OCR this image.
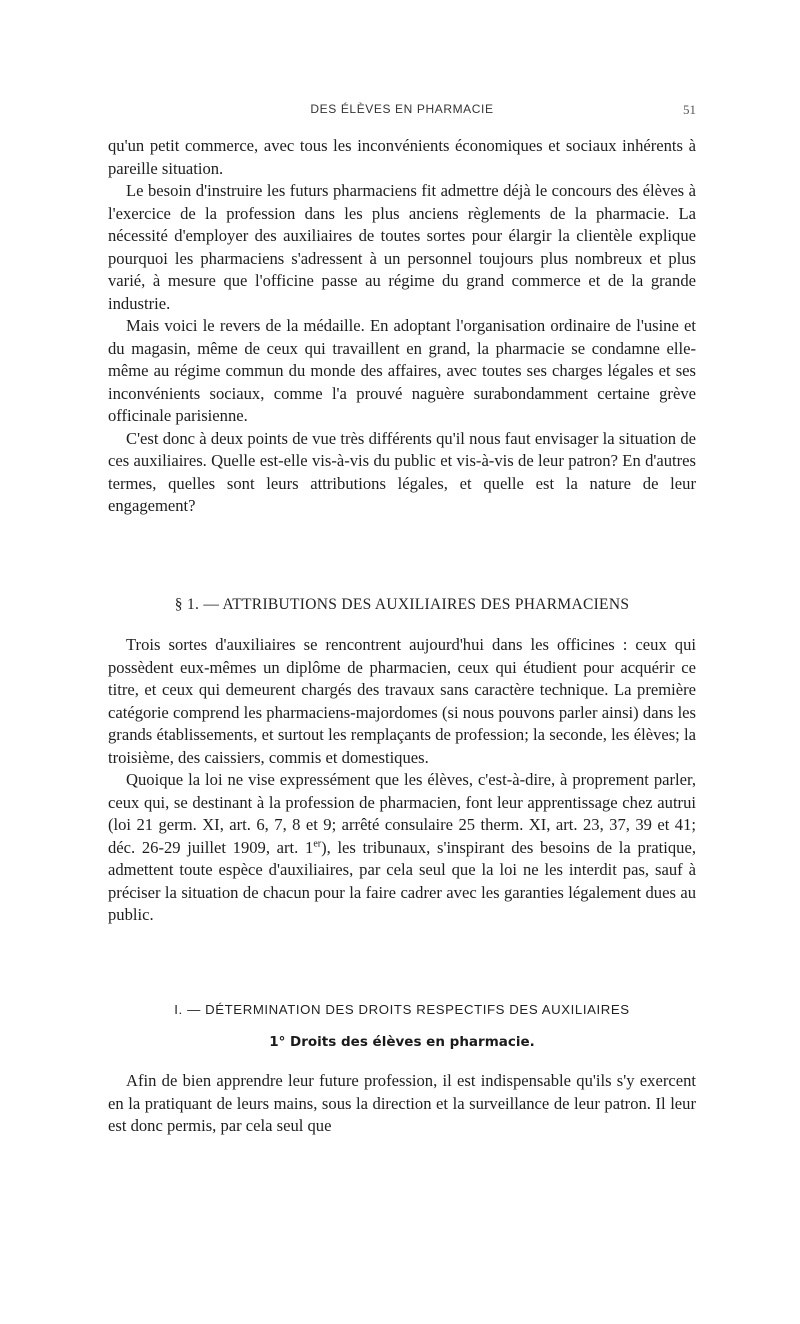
DES ÉLÈVES EN PHARMACIE	51

qu'un petit commerce, avec tous les inconvénients économiques et sociaux inhérents à pareille situation.

Le besoin d'instruire les futurs pharmaciens fit admettre déjà le concours des élèves à l'exercice de la profession dans les plus anciens règlements de la pharmacie. La nécessité d'employer des auxiliaires de toutes sortes pour élargir la clientèle explique pourquoi les pharmaciens s'adressent à un personnel toujours plus nombreux et plus varié, à mesure que l'officine passe au régime du grand commerce et de la grande industrie.

Mais voici le revers de la médaille. En adoptant l'organisation ordinaire de l'usine et du magasin, même de ceux qui travaillent en grand, la pharmacie se condamne elle-même au régime commun du monde des affaires, avec toutes ses charges légales et ses inconvénients sociaux, comme l'a prouvé naguère surabondamment certaine grève officinale parisienne.

C'est donc à deux points de vue très différents qu'il nous faut envisager la situation de ces auxiliaires. Quelle est-elle vis-à-vis du public et vis-à-vis de leur patron? En d'autres termes, quelles sont leurs attributions légales, et quelle est la nature de leur engagement?

§ 1. — ATTRIBUTIONS DES AUXILIAIRES DES PHARMACIENS

Trois sortes d'auxiliaires se rencontrent aujourd'hui dans les officines : ceux qui possèdent eux-mêmes un diplôme de pharmacien, ceux qui étudient pour acquérir ce titre, et ceux qui demeurent chargés des travaux sans caractère technique. La première catégorie comprend les pharmaciens-majordomes (si nous pouvons parler ainsi) dans les grands établissements, et surtout les remplaçants de profession; la seconde, les élèves; la troisième, des caissiers, commis et domestiques.

Quoique la loi ne vise expressément que les élèves, c'est-à-dire, à proprement parler, ceux qui, se destinant à la profession de pharmacien, font leur apprentissage chez autrui (loi 21 germ. XI, art. 6, 7, 8 et 9; arrêté consulaire 25 therm. XI, art. 23, 37, 39 et 41; déc. 26-29 juillet 1909, art. 1er), les tribunaux, s'inspirant des besoins de la pratique, admettent toute espèce d'auxiliaires, par cela seul que la loi ne les interdit pas, sauf à préciser la situation de chacun pour la faire cadrer avec les garanties légalement dues au public.

I. — DÉTERMINATION DES DROITS RESPECTIFS DES AUXILIAIRES
1° Droits des élèves en pharmacie.

Afin de bien apprendre leur future profession, il est indispensable qu'ils s'y exercent en la pratiquant de leurs mains, sous la direction et la surveillance de leur patron. Il leur est donc permis, par cela seul que
